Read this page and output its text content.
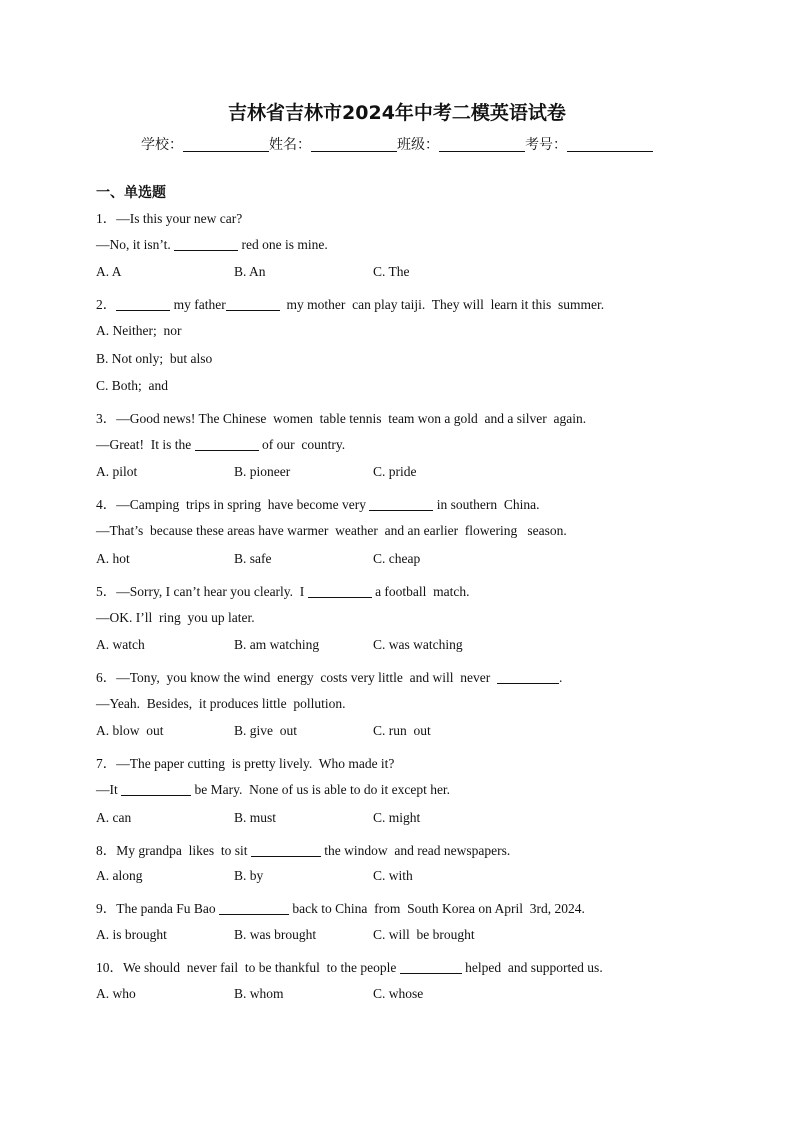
吉林省吉林市2024年中考二模英语试卷
学校：	姓名：	班级：	考号：
一、单选题
1．—Is this your new car?
—No, it isn’t.	red one is mine.
A. A	B. An	C. The
2．	my father	my mother  can play taiji.  They will  learn it this  summer.
A. Neither;  nor
B. Not only;  but also
C. Both;  and
3．—Good news! The Chinese  women  table tennis  team won a gold  and a silver  again.
—Great!  It is the	of our  country.
A. pilot	B. pioneer	C. pride
4．—Camping  trips in spring  have become very	in southern  China.
—That’s  because these areas have warmer  weather  and an earlier  flowering   season.
A. hot	B. safe	C. cheap
5．—Sorry, I can’t hear you clearly.  I	a football  match.
—OK. I’ll  ring  you up later.
A. watch	B. am watching	C. was watching
6．—Tony,  you know the wind  energy  costs very little  and will  never	.
—Yeah.  Besides,  it produces little  pollution.
A. blow  out	B. give  out	C. run  out
7．—The paper cutting  is pretty lively.  Who made it?
—It	be Mary.  None of us is able to do it except her.
A. can	B. must	C. might
8．My grandpa  likes  to sit	the window  and read newspapers.
A. along	B. by	C. with
9．The panda Fu Bao	back to China  from  South Korea on April  3rd, 2024.
A. is brought	B. was brought	C. will  be brought
10．We should  never fail  to be thankful  to the people	helped  and supported us.
A. who	B. whom	C. whose
